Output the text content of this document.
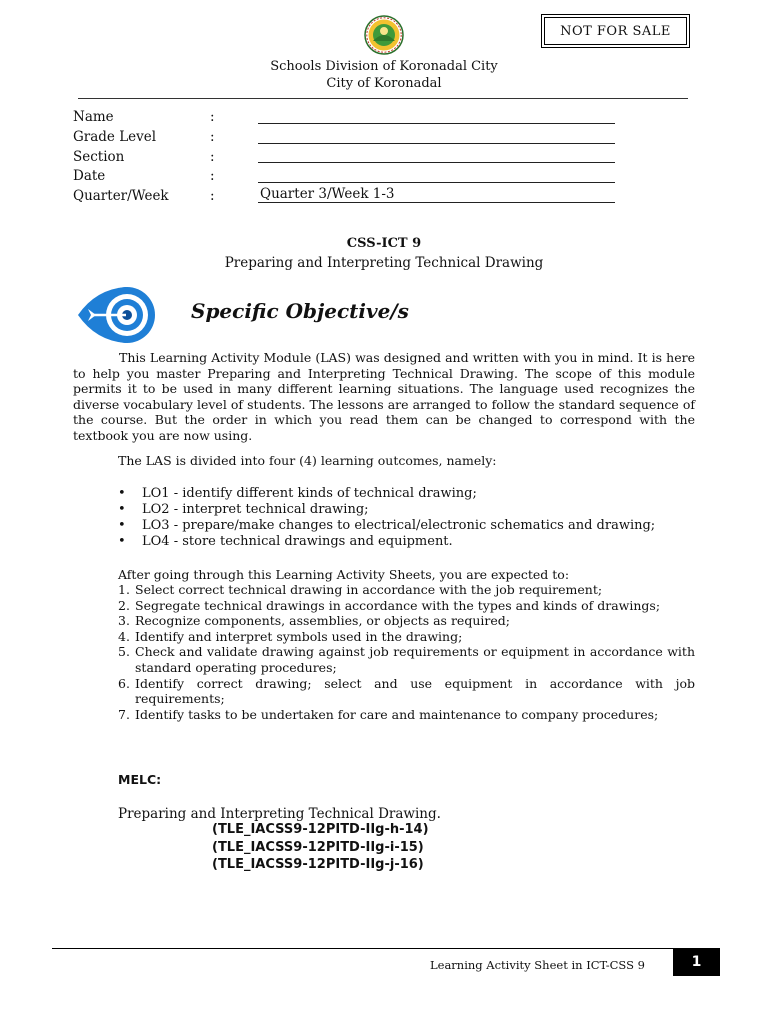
NOT FOR SALE
Schools Division of Koronadal City
City of Koronadal
Name	:
Grade Level	:
Section	:
Date	:
Quarter/Week	:	Quarter 3/Week 1-3
CSS-ICT 9
Preparing and Interpreting Technical Drawing
Specific Objective/s
This Learning Activity Module (LAS) was designed and written with you in mind. It is here to help you master Preparing and Interpreting Technical Drawing. The scope of this module permits it to be used in many different learning situations. The language used recognizes the diverse vocabulary level of students. The lessons are arranged to follow the standard sequence of the course. But the order in which you read them can be changed to correspond with the textbook you are now using.
The LAS is divided into four (4) learning outcomes, namely:
• LO1 - identify different kinds of technical drawing;
• LO2 - interpret technical drawing;
• LO3 - prepare/make changes to electrical/electronic schematics and drawing;
• LO4 - store technical drawings and equipment.
After going through this Learning Activity Sheets, you are expected to:
1. Select correct technical drawing in accordance with the job requirement;
2. Segregate technical drawings in accordance with the types and kinds of drawings;
3. Recognize components, assemblies, or objects as required;
4. Identify and interpret symbols used in the drawing;
5. Check and validate drawing against job requirements or equipment in accordance with standard operating procedures;
6. Identify correct drawing; select and use equipment in accordance with job requirements;
7. Identify tasks to be undertaken for care and maintenance to company procedures;
MELC:
Preparing and Interpreting Technical Drawing.
(TLE_IACSS9-12PITD-IIg-h-14)
(TLE_IACSS9-12PITD-IIg-i-15)
(TLE_IACSS9-12PITD-IIg-j-16)
Learning Activity Sheet in ICT-CSS 9	1
